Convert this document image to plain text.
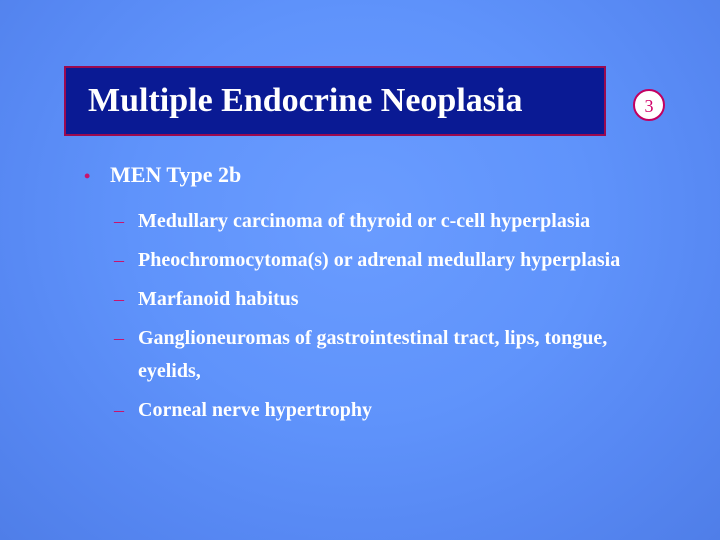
Multiple Endocrine Neoplasia	3
• MEN Type 2b
– Medullary carcinoma of thyroid or c-cell hyperplasia
– Pheochromocytoma(s) or adrenal medullary hyperplasia
– Marfanoid habitus
– Ganglioneuromas of gastrointestinal tract, lips, tongue, eyelids,
– Corneal nerve hypertrophy
